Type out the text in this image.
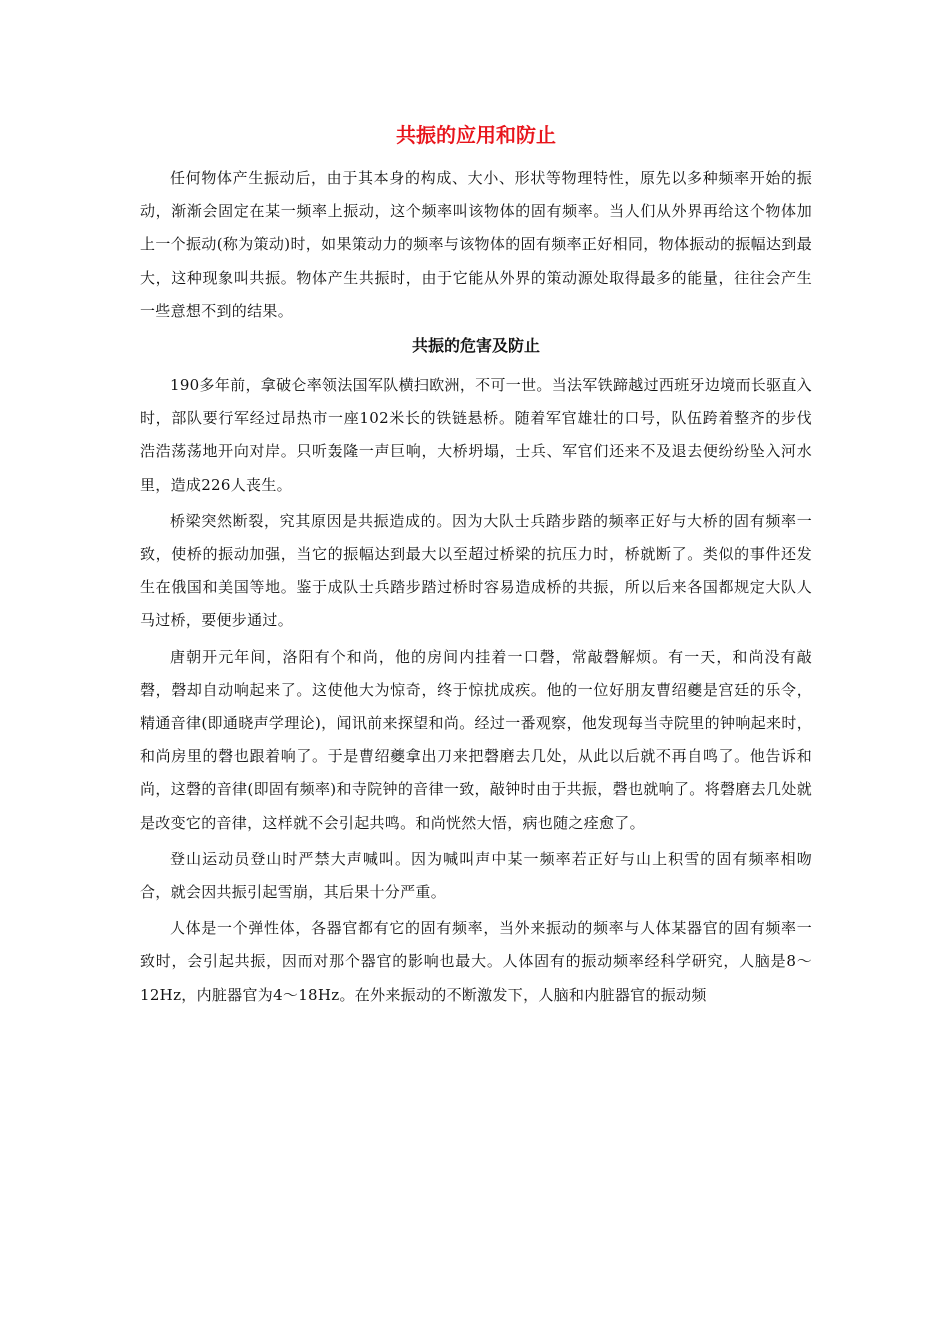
共振的应用和防止

任何物体产生振动后，由于其本身的构成、大小、形状等物理特性，原先以多种频率开始的振动，渐渐会固定在某一频率上振动，这个频率叫该物体的固有频率。当人们从外界再给这个物体加上一个振动(称为策动)时，如果策动力的频率与该物体的固有频率正好相同，物体振动的振幅达到最大，这种现象叫共振。物体产生共振时，由于它能从外界的策动源处取得最多的能量，往往会产生一些意想不到的结果。

共振的危害及防止

190多年前，拿破仑率领法国军队横扫欧洲，不可一世。当法军铁蹄越过西班牙边境而长驱直入时，部队要行军经过昂热市一座102米长的铁链悬桥。随着军官雄壮的口号，队伍跨着整齐的步伐浩浩荡荡地开向对岸。只听轰隆一声巨响，大桥坍塌，士兵、军官们还来不及退去便纷纷坠入河水里，造成226人丧生。

桥梁突然断裂，究其原因是共振造成的。因为大队士兵踏步踏的频率正好与大桥的固有频率一致，使桥的振动加强，当它的振幅达到最大以至超过桥梁的抗压力时，桥就断了。类似的事件还发生在俄国和美国等地。鉴于成队士兵踏步踏过桥时容易造成桥的共振，所以后来各国都规定大队人马过桥，要便步通过。

唐朝开元年间，洛阳有个和尚，他的房间内挂着一口磬，常敲磬解烦。有一天，和尚没有敲磬，磬却自动响起来了。这使他大为惊奇，终于惊扰成疾。他的一位好朋友曹绍夔是宫廷的乐令，精通音律(即通晓声学理论)，闻讯前来探望和尚。经过一番观察，他发现每当寺院里的钟响起来时，和尚房里的磬也跟着响了。于是曹绍夔拿出刀来把磬磨去几处，从此以后就不再自鸣了。他告诉和尚，这磬的音律(即固有频率)和寺院钟的音律一致，敲钟时由于共振，磬也就响了。将磬磨去几处就是改变它的音律，这样就不会引起共鸣。和尚恍然大悟，病也随之痊愈了。

登山运动员登山时严禁大声喊叫。因为喊叫声中某一频率若正好与山上积雪的固有频率相吻合，就会因共振引起雪崩，其后果十分严重。

人体是一个弹性体，各器官都有它的固有频率，当外来振动的频率与人体某器官的固有频率一致时，会引起共振，因而对那个器官的影响也最大。人体固有的振动频率经科学研究，人脑是8～12Hz，内脏器官为4～18Hz。在外来振动的不断激发下，人脑和内脏器官的振动频
